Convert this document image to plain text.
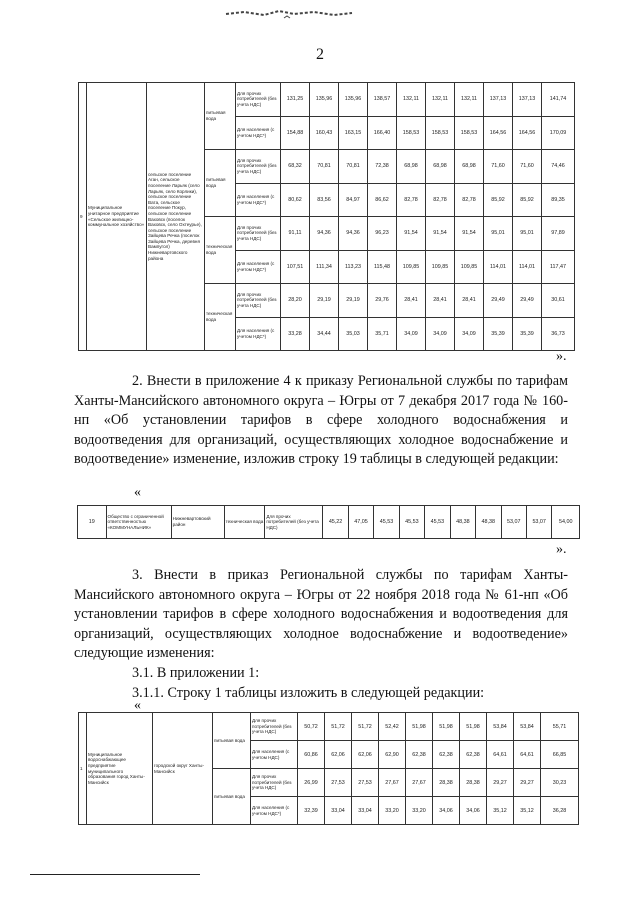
2
9	Муниципальное унитарное предприятие «Сельское жилищно-коммунальное хозяйство»	сельское поселение Аган, сельское поселение Ларьяк (село Ларьяк, село Корлики), сельское поселение Вата, сельское поселение Покур, сельское поселение Ваховск (поселок Ваховск, село Охтеурье), сельское поселение Зайцева Речка (поселок Зайцева Речка, деревня Вампугол) Нижневартовского района	питьевая вода	Для прочих потребителей (без учета НДС)	131,25	135,96	135,96	138,57	132,11	132,11	132,11	137,13	137,13	141,74
				Для населения (с учетом НДС*)	154,88	160,43	163,15	166,40	158,53	158,53	158,53	164,56	164,56	170,09
			питьевая вода	Для прочих потребителей (без учета НДС)	68,32	70,81	70,81	72,38	68,98	68,98	68,98	71,60	71,60	74,46
				Для населения (с учетом НДС*)	80,62	83,56	84,97	86,62	82,78	82,78	82,78	85,92	85,92	89,35
			техническая вода	Для прочих потребителей (без учета НДС)	91,11	94,36	94,36	96,23	91,54	91,54	91,54	95,01	95,01	97,89
				Для населения (с учетом НДС*)	107,51	111,34	113,23	115,48	109,85	109,85	109,85	114,01	114,01	117,47
			техническая вода	Для прочих потребителей (без учета НДС)	28,20	29,19	29,19	29,76	28,41	28,41	28,41	29,49	29,49	30,61
				Для населения (с учетом НДС*)	33,28	34,44	35,03	35,71	34,09	34,09	34,09	35,39	35,39	36,73
».
2. Внести в приложение 4 к приказу Региональной службы по тарифам Ханты-Мансийского автономного округа – Югры от 7 декабря 2017 года № 160-нп «Об установлении тарифов в сфере холодного водоснабжения и водоотведения для организаций, осуществляющих холодное водоснабжение и водоотведение» изменение, изложив строку 19 таблицы в следующей редакции:
«
19	Общество с ограниченной ответственностью «КОММУНАЛЬНИК»	Нижневартовский район	техническая вода	Для прочих потребителей (без учета НДС)	45,22	47,05	45,53	45,53	45,53	48,38	48,38	53,07	53,07	54,00
».
3. Внести в приказ Региональной службы по тарифам Ханты-Мансийского автономного округа – Югры от 22 ноября 2018 года № 61-нп «Об установлении тарифов в сфере холодного водоснабжения и водоотведения для организаций, осуществляющих холодное водоснабжение и водоотведение» следующие изменения:
3.1. В приложении 1:
3.1.1. Строку 1 таблицы изложить в следующей редакции:
«
1	Муниципальное водоснабжающее предприятие муниципального образования город Ханты-Мансийск	городской округ Ханты-Мансийск	питьевая вода	Для прочих потребителей (без учета НДС)	50,72	51,72	51,72	52,42	51,98	51,98	51,98	53,84	53,84	55,71
				Для населения (с учетом НДС)	60,86	62,06	62,06	62,90	62,38	62,38	62,38	64,61	64,61	66,85
			питьевая вода	Для прочих потребителей (без учета НДС)	26,99	27,53	27,53	27,67	27,67	28,38	28,38	29,27	29,27	30,23
				Для населения (с учетом НДС*)	32,39	33,04	33,04	33,20	33,20	34,06	34,06	35,12	35,12	36,28
